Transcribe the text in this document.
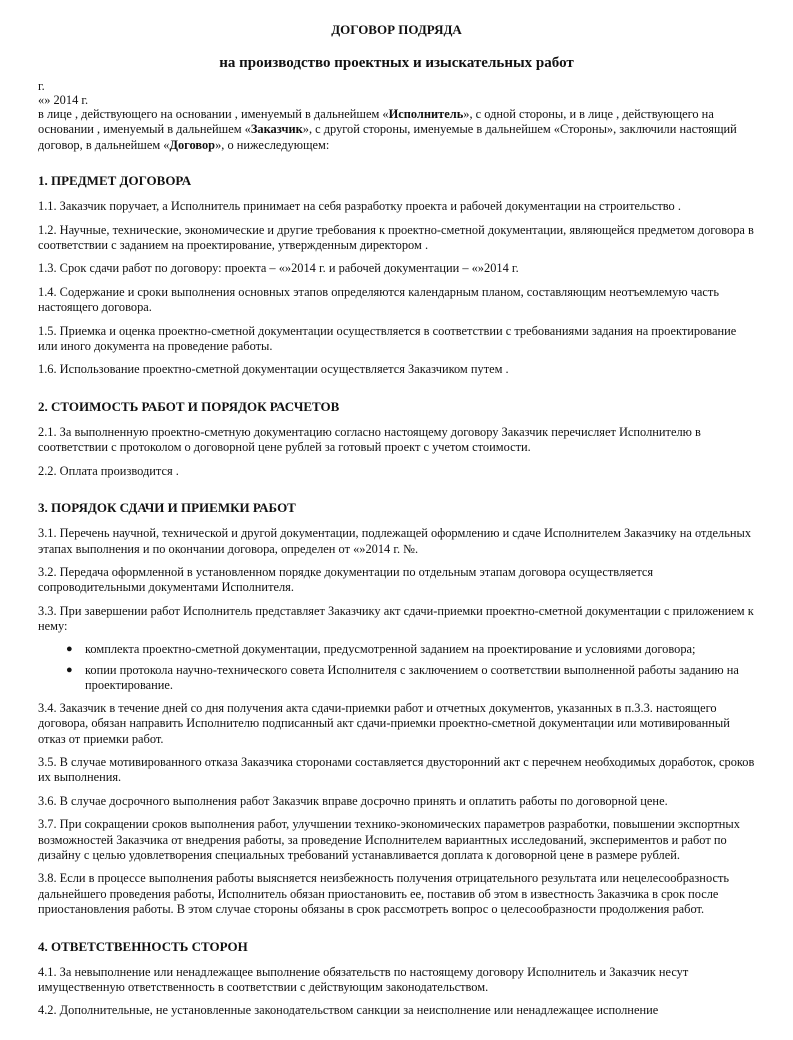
ДОГОВОР ПОДРЯДА
на производство проектных и изыскательных работ
г.
«» 2014 г.
в лице , действующего на основании , именуемый в дальнейшем «Исполнитель», с одной стороны, и в лице , действующего на основании , именуемый в дальнейшем «Заказчик», с другой стороны, именуемые в дальнейшем «Стороны», заключили настоящий договор, в дальнейшем «Договор», о нижеследующем:
1. ПРЕДМЕТ ДОГОВОРА
1.1. Заказчик поручает, а Исполнитель принимает на себя разработку проекта и рабочей документации на строительство .
1.2. Научные, технические, экономические и другие требования к проектно-сметной документации, являющейся предметом договора в соответствии с заданием на проектирование, утвержденным директором .
1.3. Срок сдачи работ по договору: проекта – «»2014 г. и рабочей документации – «»2014 г.
1.4. Содержание и сроки выполнения основных этапов определяются календарным планом, составляющим неотъемлемую часть настоящего договора.
1.5. Приемка и оценка проектно-сметной документации осуществляется в соответствии с требованиями задания на проектирование или иного документа на проведение работы.
1.6. Использование проектно-сметной документации осуществляется Заказчиком путем .
2. СТОИМОСТЬ РАБОТ И ПОРЯДОК РАСЧЕТОВ
2.1. За выполненную проектно-сметную документацию согласно настоящему договору Заказчик перечисляет Исполнителю в соответствии с протоколом о договорной цене рублей за готовый проект с учетом стоимости.
2.2. Оплата производится .
3. ПОРЯДОК СДАЧИ И ПРИЕМКИ РАБОТ
3.1. Перечень научной, технической и другой документации, подлежащей оформлению и сдаче Исполнителем Заказчику на отдельных этапах выполнения и по окончании договора, определен от «»2014 г. №.
3.2. Передача оформленной в установленном порядке документации по отдельным этапам договора осуществляется сопроводительными документами Исполнителя.
3.3. При завершении работ Исполнитель представляет Заказчику акт сдачи-приемки проектно-сметной документации с приложением к нему:
● комплекта проектно-сметной документации, предусмотренной заданием на проектирование и условиями договора;
● копии протокола научно-технического совета Исполнителя с заключением о соответствии выполненной работы заданию на проектирование.
3.4. Заказчик в течение дней со дня получения акта сдачи-приемки работ и отчетных документов, указанных в п.3.3. настоящего договора, обязан направить Исполнителю подписанный акт сдачи-приемки проектно-сметной документации или мотивированный отказ от приемки работ.
3.5. В случае мотивированного отказа Заказчика сторонами составляется двусторонний акт с перечнем необходимых доработок, сроков их выполнения.
3.6. В случае досрочного выполнения работ Заказчик вправе досрочно принять и оплатить работы по договорной цене.
3.7. При сокращении сроков выполнения работ, улучшении технико-экономических параметров разработки, повышении экспортных возможностей Заказчика от внедрения работы, за проведение Исполнителем вариантных исследований, экспериментов и работ по дизайну с целью удовлетворения специальных требований устанавливается доплата к договорной цене в размере рублей.
3.8. Если в процессе выполнения работы выясняется неизбежность получения отрицательного результата или нецелесообразность дальнейшего проведения работы, Исполнитель обязан приостановить ее, поставив об этом в известность Заказчика в срок после приостановления работы. В этом случае стороны обязаны в срок рассмотреть вопрос о целесообразности продолжения работ.
4. ОТВЕТСТВЕННОСТЬ СТОРОН
4.1. За невыполнение или ненадлежащее выполнение обязательств по настоящему договору Исполнитель и Заказчик несут имущественную ответственность в соответствии с действующим законодательством.
4.2. Дополнительные, не установленные законодательством санкции за неисполнение или ненадлежащее исполнение
